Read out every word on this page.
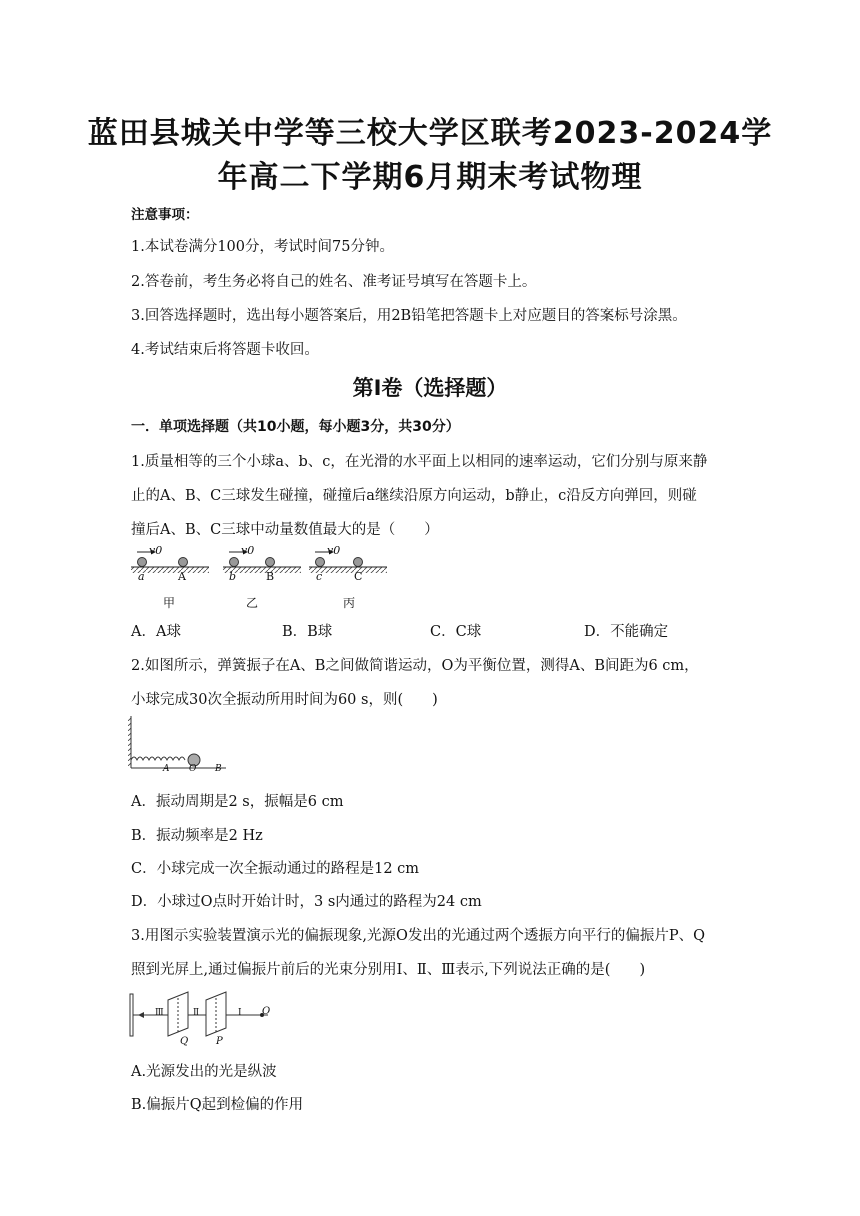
蓝田县城关中学等三校大学区联考2023-2024学
年高二下学期6月期末考试物理
注意事项：
1.本试卷满分100分，考试时间75分钟。
2.答卷前，考生务必将自己的姓名、准考证号填写在答题卡上。
3.回答选择题时，选出每小题答案后，用2B铅笔把答题卡上对应题目的答案标号涂黑。
4.考试结束后将答题卡收回。
第Ⅰ卷（选择题）
一．单项选择题（共10小题，每小题3分，共30分）
1.质量相等的三个小球a、b、c，在光滑的水平面上以相同的速率运动，它们分别与原来静
止的A、B、C三球发生碰撞，碰撞后a继续沿原方向运动，b静止，c沿反方向弹回，则碰
撞后A、B、C三球中动量数值最大的是（　　）
v0	v0	v0
a	A	b	B	c	C
甲	乙	丙
A．A球	B．B球	C．C球	D．不能确定
2.如图所示，弹簧振子在A、B之间做简谐运动，O为平衡位置，测得A、B间距为6 cm，
小球完成30次全振动所用时间为60 s，则(　　)
A O B
A．振动周期是2 s，振幅是6 cm
B．振动频率是2 Hz
C．小球完成一次全振动通过的路程是12 cm
D．小球过O点时开始计时，3 s内通过的路程为24 cm
3.用图示实验装置演示光的偏振现象,光源O发出的光通过两个透振方向平行的偏振片P、Q
照到光屏上,通过偏振片前后的光束分别用Ⅰ、Ⅱ、Ⅲ表示,下列说法正确的是(　　)
Ⅲ	Ⅱ	Ⅰ O
Q	P
A.光源发出的光是纵波
B.偏振片Q起到检偏的作用
